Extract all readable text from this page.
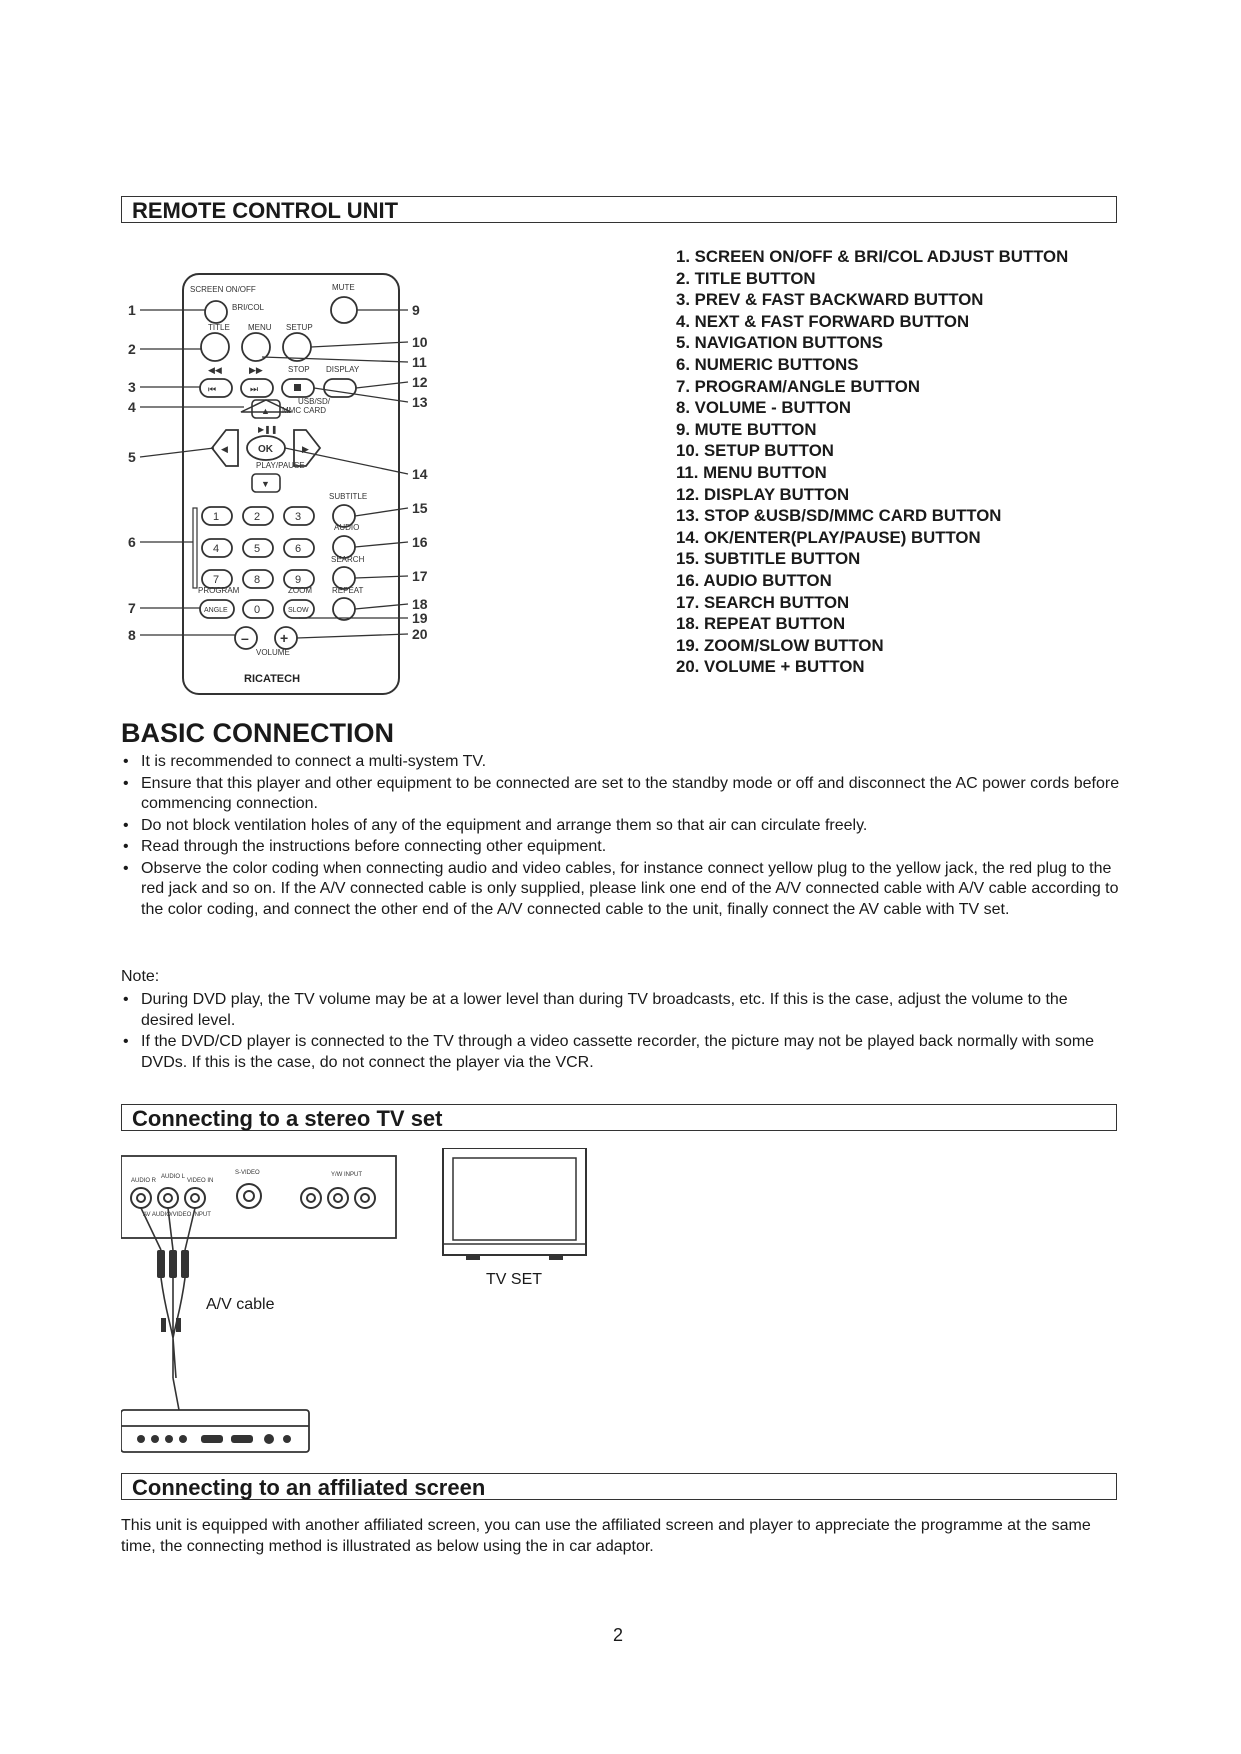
REMOTE CONTROL UNIT
SCREEN ON/OFF
BRI/COL
MUTE
TITLE MENU SETUP
STOP DISPLAY
USB/SD/
MMC CARD
PLAY/PAUSE
SUBTITLE
AUDIO
SEARCH
PROGRAM	ZOOM	REPEAT
VOLUME
◀◀	▶▶
⏮	⏭
▲
▶❚❚
OK
◀	▶
▼
1	2	3
4	5	6
7	8	9
0
ANGLE	SLOW
– +
RICATECH
1
2
3
4
5
6
7
8
9
10
11
12
13
14
15
16
17
18
19
20
1. SCREEN ON/OFF & BRI/COL ADJUST BUTTON
2. TITLE BUTTON
3. PREV & FAST BACKWARD BUTTON
4. NEXT & FAST FORWARD BUTTON
5. NAVIGATION BUTTONS
6. NUMERIC BUTTONS
7. PROGRAM/ANGLE BUTTON
8. VOLUME - BUTTON
9. MUTE BUTTON
10. SETUP BUTTON
11. MENU BUTTON
12. DISPLAY BUTTON
13. STOP &USB/SD/MMC CARD BUTTON
14. OK/ENTER(PLAY/PAUSE) BUTTON
15. SUBTITLE BUTTON
16. AUDIO BUTTON
17. SEARCH BUTTON
18. REPEAT BUTTON
19. ZOOM/SLOW BUTTON
20. VOLUME + BUTTON
BASIC CONNECTION
• It is recommended to connect a multi-system TV.
• Ensure that this player and other equipment to be connected are set to the standby mode or off and disconnect the AC power cords before commencing connection.
• Do not block ventilation holes of any of the equipment and arrange them so that air can circulate freely.
• Read through the instructions before connecting other equipment.
• Observe the color coding when connecting audio and video cables, for instance connect yellow plug to the yellow jack, the red plug to the red jack and so on. If the A/V connected cable is only supplied, please link one end of the A/V connected cable with A/V cable according to the color coding, and connect the other end of the A/V connected cable to the unit, finally connect the AV cable with TV set.
Note:
• During DVD play, the TV volume may be at a lower level than during TV broadcasts, etc. If this is the case, adjust the volume to the desired level.
• If the DVD/CD player is connected to the TV through a video cassette recorder, the picture may not be played back normally with some DVDs. If this is the case, do not connect the player via the VCR.
Connecting to a stereo TV set
AUDIO R
AUDIO L
VIDEO IN
S-VIDEO	Y/W INPUT
AV AUDIO/VIDEO INPUT
TV SET
A/V cable
Connecting to an affiliated screen
This unit is equipped with another affiliated screen, you can use the affiliated screen and player to appreciate the programme at the same time, the connecting method is illustrated as below using the in car adaptor.
2
